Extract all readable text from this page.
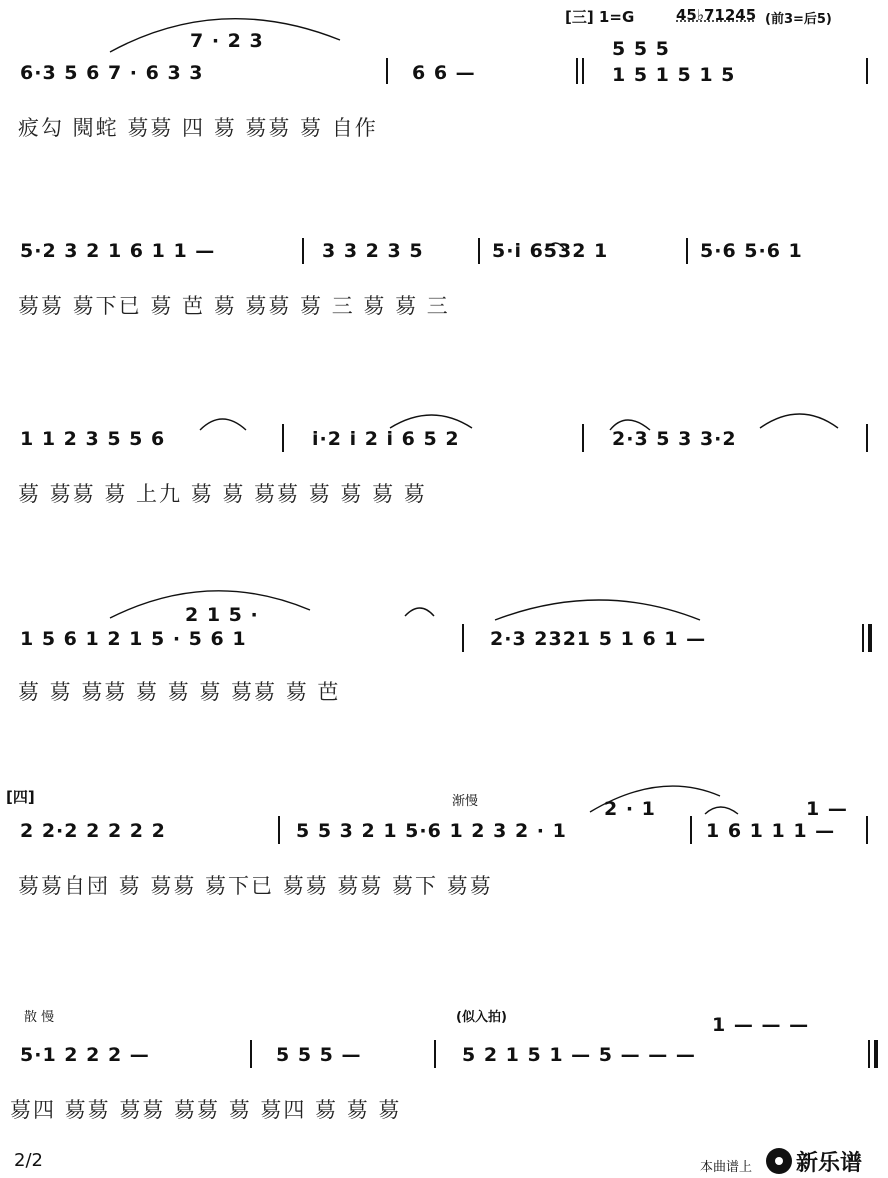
[三] 1=G	45♭71245 (前3=后5)
7 · 2 3	5 5 5
6·3 5 6 7 · 6 3 3	6 6 —	1 5 1 5 1 5
㽹勾 䦧䖳 䓪䓪 四 䓪 䓪䓪 䓪 自作
5·2 3 2 1 6 1 1 —	3 3 2 3 5	5·i 6532 1	5·6 5·6 1
䓪䓪 䓪下已 䓪 芭 䓪 䓪䓪 䓪 三 䓪 䓪 三
1 1 2 3 5 5 6	i·2 i 2 i 6 5 2	2·3 5 3 3·2
䓪 䓪䓪 䓪 上九 䓪 䓪 䓪䓪 䓪 䓪 䓪 䓪
2 1 5 ·
1 5 6 1 2 1 5 · 5 6 1	2·3 2321 5 1 6 1 —
䓪 䓪 䓪䓪 䓪 䓪 䓪 䓪䓪 䓪 芭
[四]	渐慢	2 · 1	1 —
2 2·2 2 2 2 2	5 5 3 2 1 5·6 1 2 3 2 · 1	1 6 1 1 1 —
䓪䓪自団 䓪 䓪䓪 䓪下已 䓪䓪 䓪䓪 䓪下 䓪䓪
散 慢	(似入拍)	1 — — —
5·1 2 2 2 —	5 5 5 —	5 2 1 5 1 — 5 — — —
䓪四 䓪䓪 䓪䓪 䓪䓪 䓪 䓪四 䓪 䓪 䓪
2/2	本曲谱上 新乐谱
